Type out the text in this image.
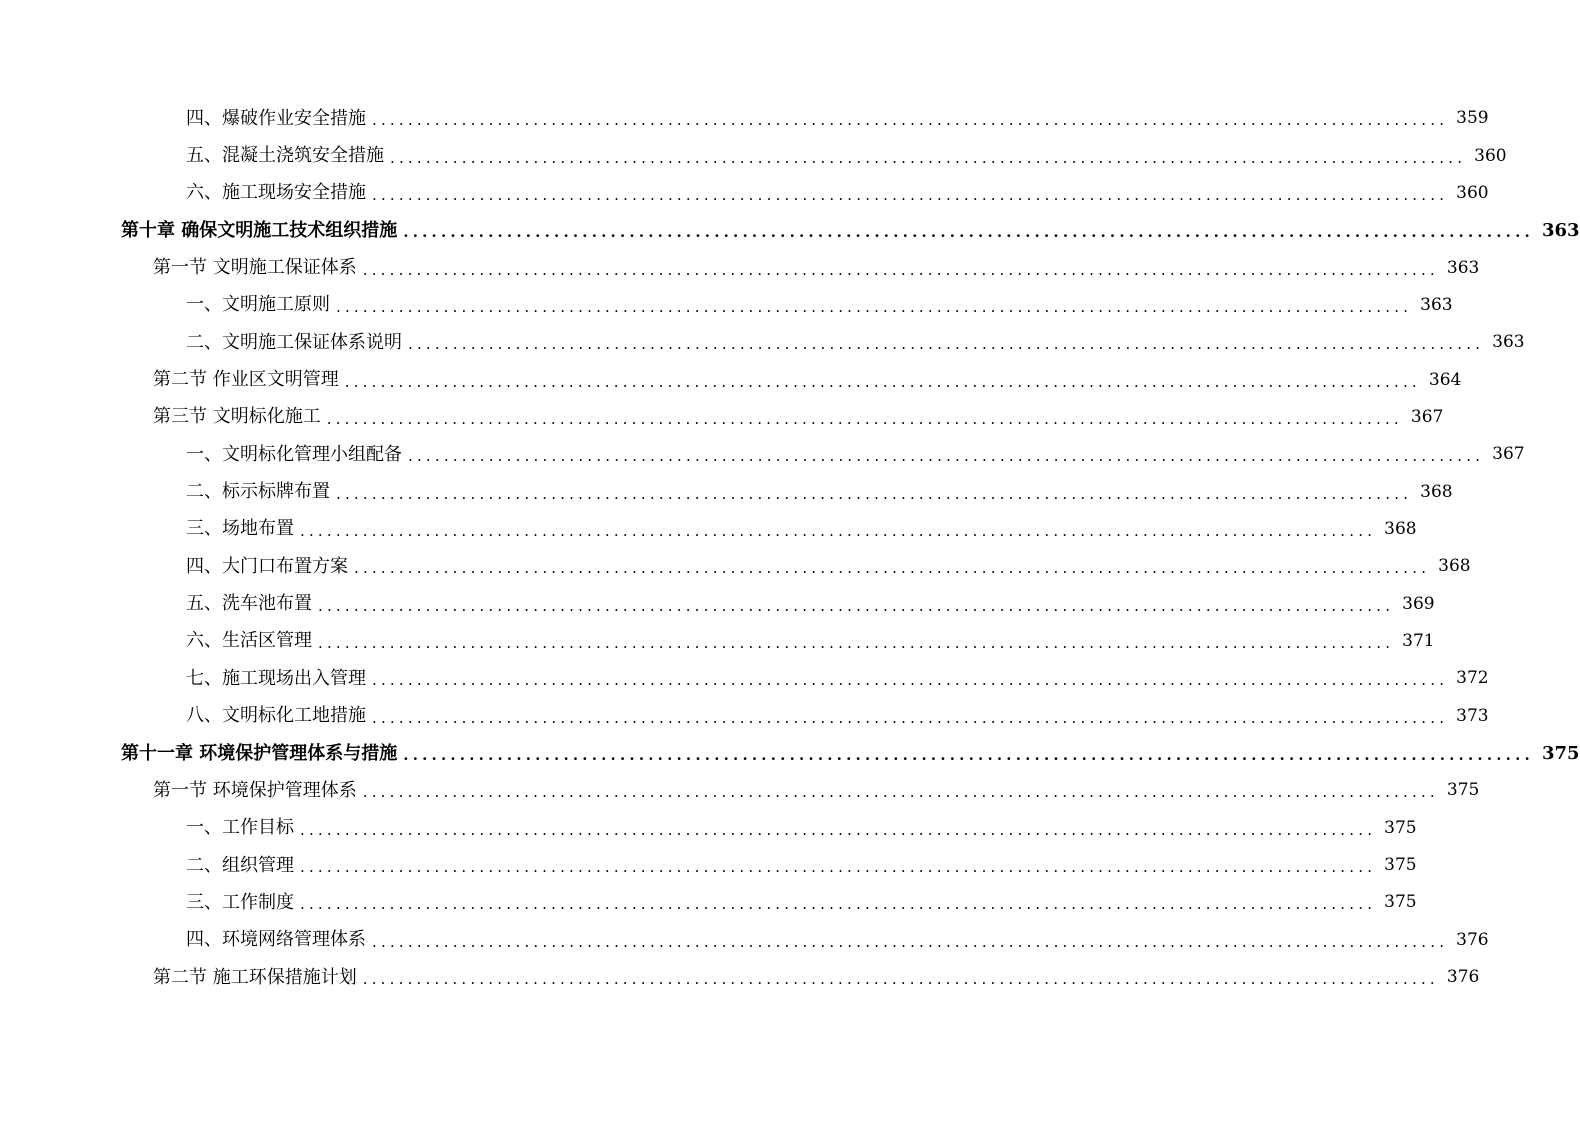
四、爆破作业安全措施 ........................................................................................................................ 359
五、混凝土浇筑安全措施 ........................................................................................................................ 360
六、施工现场安全措施 ........................................................................................................................ 360
第十章 确保文明施工技术组织措施 ........................................................................................................................ 363
第一节 文明施工保证体系 ........................................................................................................................ 363
一、文明施工原则 ........................................................................................................................ 363
二、文明施工保证体系说明 ........................................................................................................................ 363
第二节 作业区文明管理 ........................................................................................................................ 364
第三节 文明标化施工 ........................................................................................................................ 367
一、文明标化管理小组配备 ........................................................................................................................ 367
二、标示标牌布置 ........................................................................................................................ 368
三、场地布置 ........................................................................................................................ 368
四、大门口布置方案 ........................................................................................................................ 368
五、洗车池布置 ........................................................................................................................ 369
六、生活区管理 ........................................................................................................................ 371
七、施工现场出入管理 ........................................................................................................................ 372
八、文明标化工地措施 ........................................................................................................................ 373
第十一章 环境保护管理体系与措施 ........................................................................................................................ 375
第一节 环境保护管理体系 ........................................................................................................................ 375
一、工作目标 ........................................................................................................................ 375
二、组织管理 ........................................................................................................................ 375
三、工作制度 ........................................................................................................................ 375
四、环境网络管理体系 ........................................................................................................................ 376
第二节 施工环保措施计划 ........................................................................................................................ 376
